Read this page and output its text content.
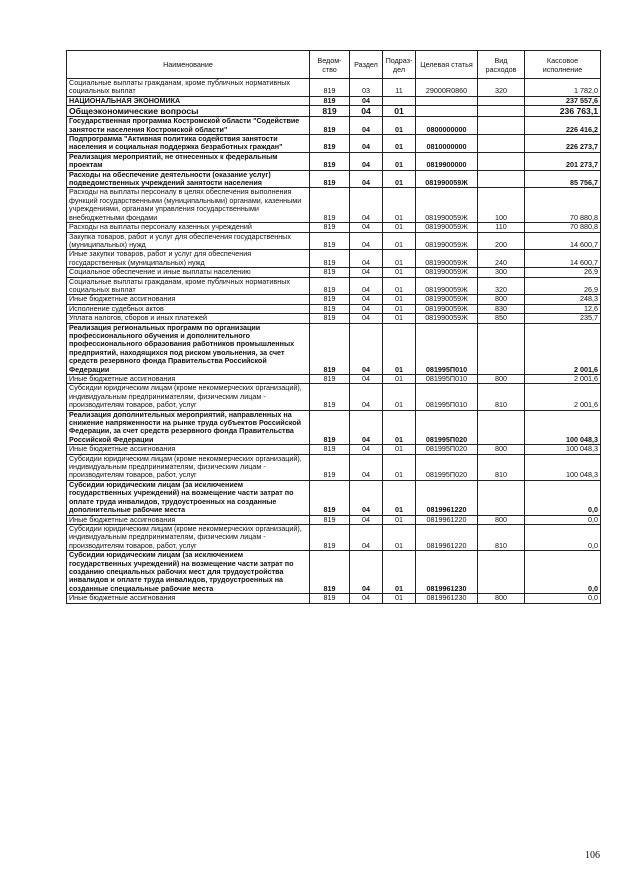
Наименование	Ведом-ство	Раздел	Подраз-дел	Целевая статья	Вид расходов	Кассовое исполнение
Социальные выплаты гражданам, кроме публичных нормативных социальных выплат	819	03	11	29000R0860	320	1 782,0
НАЦИОНАЛЬНАЯ ЭКОНОМИКА	819	04				237 557,6
Общеэкономические вопросы	819	04	01			236 763,1
Государственная программа Костромской области "Содействие занятости населения Костромской области"	819	04	01	0800000000		226 416,2
Подпрограмма "Активная политика содействия занятости населения и социальная поддержка безработных граждан"	819	04	01	0810000000		226 273,7
Реализация мероприятий, не отнесенных к федеральным проектам	819	04	01	0819900000		201 273,7
Расходы на обеспечение деятельности (оказание услуг) подведомственных учреждений занятости населения	819	04	01	081990059Ж		85 756,7
Расходы на выплаты персоналу в целях обеспечения выполнения функций государственными (муниципальными) органами, казенными учреждениями, органами управления государственными внебюджетными фондами	819	04	01	081990059Ж	100	70 880,8
Расходы на выплаты персоналу казенных учреждений	819	04	01	081990059Ж	110	70 880,8
Закупка товаров, работ и услуг для обеспечения государственных (муниципальных) нужд	819	04	01	081990059Ж	200	14 600,7
Иные закупки товаров, работ и услуг для обеспечения государственных (муниципальных) нужд	819	04	01	081990059Ж	240	14 600,7
Социальное обеспечение и иные выплаты населению	819	04	01	081990059Ж	300	26,9
Социальные выплаты гражданам, кроме публичных нормативных социальных выплат	819	04	01	081990059Ж	320	26,9
Иные бюджетные ассигнования	819	04	01	081990059Ж	800	248,3
Исполнение судебных актов	819	04	01	081990059Ж	830	12,6
Уплата налогов, сборов и иных платежей	819	04	01	081990059Ж	850	235,7
Реализация региональных программ по организации профессионального обучения и дополнительного профессионального образования работников промышленных предприятий, находящихся под риском увольнения, за счет средств резервного фонда Правительства Российской Федерации	819	04	01	081995П010		2 001,6
Иные бюджетные ассигнования	819	04	01	081995П010	800	2 001,6
Субсидии юридическим лицам (кроме некоммерческих организаций), индивидуальным предпринимателям, физическим лицам - производителям товаров, работ, услуг	819	04	01	081995П010	810	2 001,6
Реализация дополнительных мероприятий, направленных на снижение напряженности на рынке труда субъектов Российской Федерации, за счет средств резервного фонда Правительства Российской Федерации	819	04	01	081995П020		100 048,3
Иные бюджетные ассигнования	819	04	01	081995П020	800	100 048,3
Субсидии юридическим лицам (кроме некоммерческих организаций), индивидуальным предпринимателям, физическим лицам - производителям товаров, работ, услуг	819	04	01	081995П020	810	100 048,3
Субсидии юридическим лицам (за исключением государственных учреждений) на возмещение части затрат по оплате труда инвалидов, трудоустроенных на созданные дополнительные рабочие места	819	04	01	0819961220		0,0
Иные бюджетные ассигнования	819	04	01	0819961220	800	0,0
Субсидии юридическим лицам (кроме некоммерческих организаций), индивидуальным предпринимателям, физическим лицам - производителям товаров, работ, услуг	819	04	01	0819961220	810	0,0
Субсидии юридическим лицам (за исключением государственных учреждений) на возмещение части затрат по созданию специальных рабочих мест для трудоустройства инвалидов и оплате труда инвалидов, трудоустроенных на созданные специальные рабочие места	819	04	01	0819961230		0,0
Иные бюджетные ассигнования	819	04	01	0819961230	800	0,0
106
